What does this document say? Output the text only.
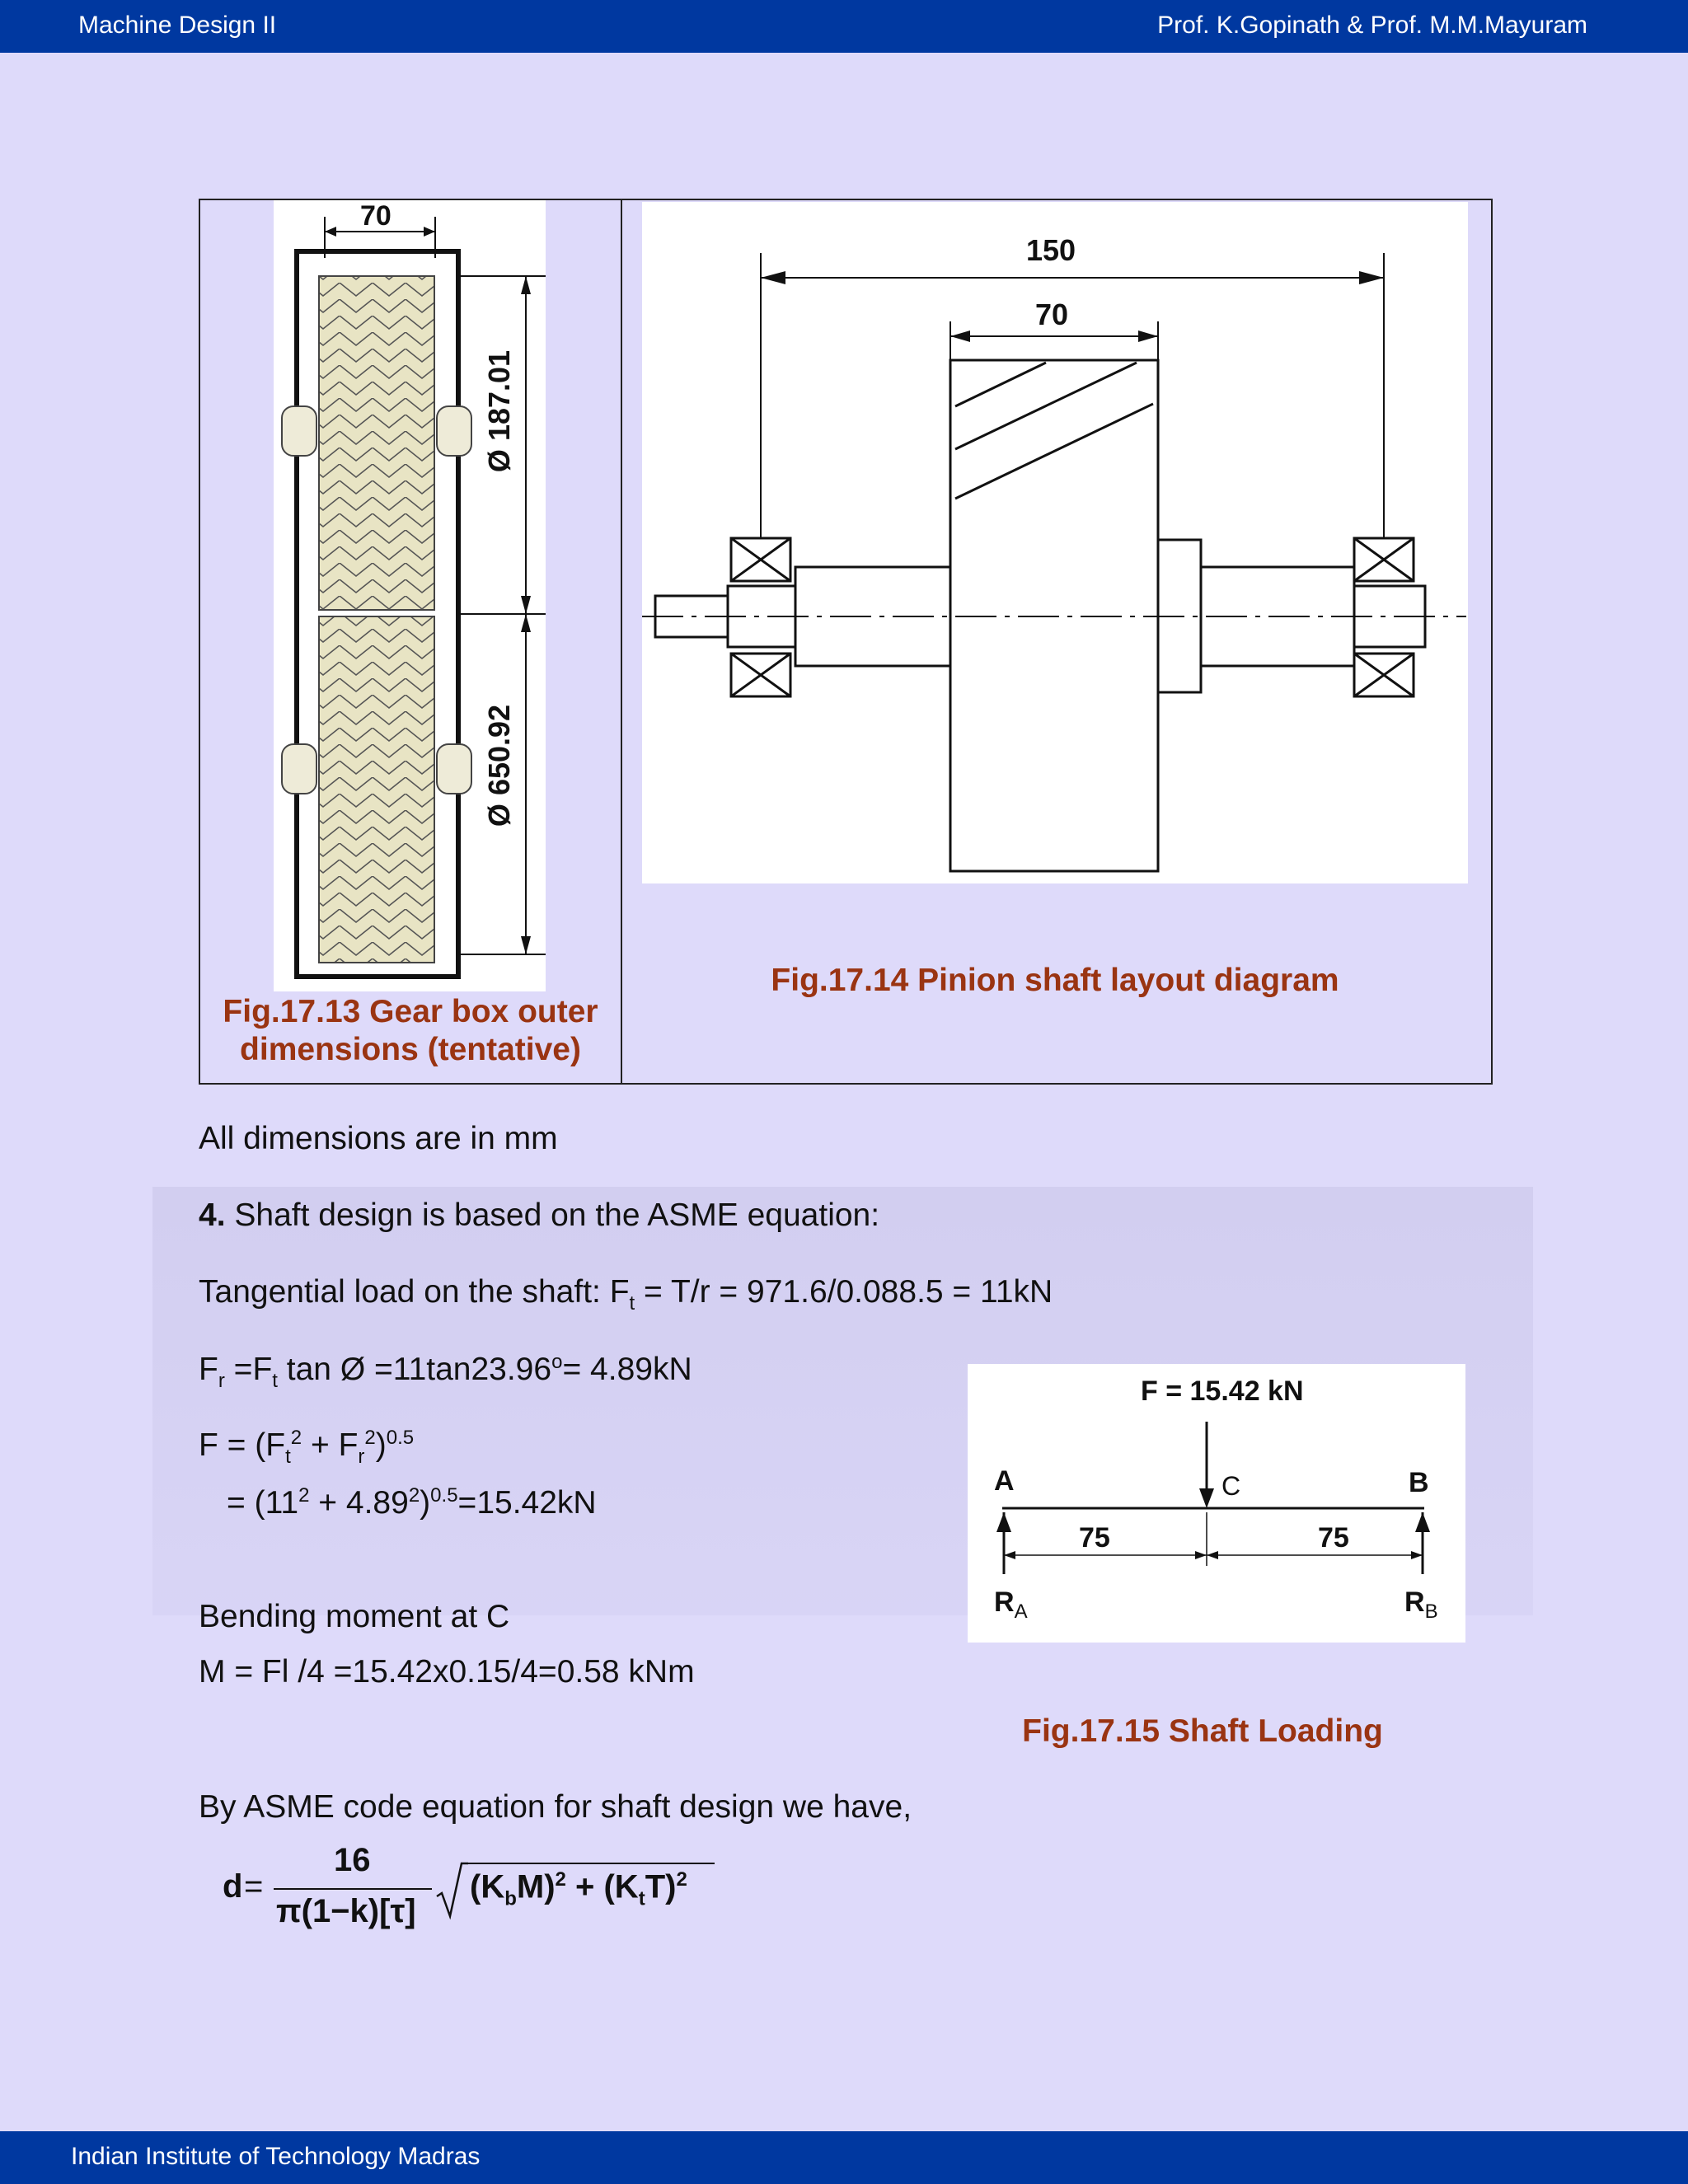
Machine Design II	Prof. K.Gopinath & Prof. M.M.Mayuram
70
Ø 187.01
Ø 650.92
Fig.17.13 Gear box outer
dimensions (tentative)
150
70
Fig.17.14 Pinion shaft layout diagram
All dimensions are in mm
4. Shaft design is based on the ASME equation:
Tangential load on the shaft: $F_t = T/r = 971.6/0.088.5 = 11kN$
$F_r =F_t$ tan Ø $=11\tan 23.96^o= 4.89kN$
$F = (F_t^2 + F_r^2)^{0.5}$
= $(11^2 + 4.89^2)^{0.5}=15.42kN$
Bending moment at C
M = Fl /4 =15.42x0.15/4=0.58 kNm
By ASME code equation for shaft design we have,
d =
16
π(1−k)[τ]
$(K_bM)^2 + (K_tT)^2$
F = 15.42 kN
A	C	B
75	75
$R_A$	$R_B$
Fig.17.15 Shaft Loading
Indian Institute of Technology Madras
